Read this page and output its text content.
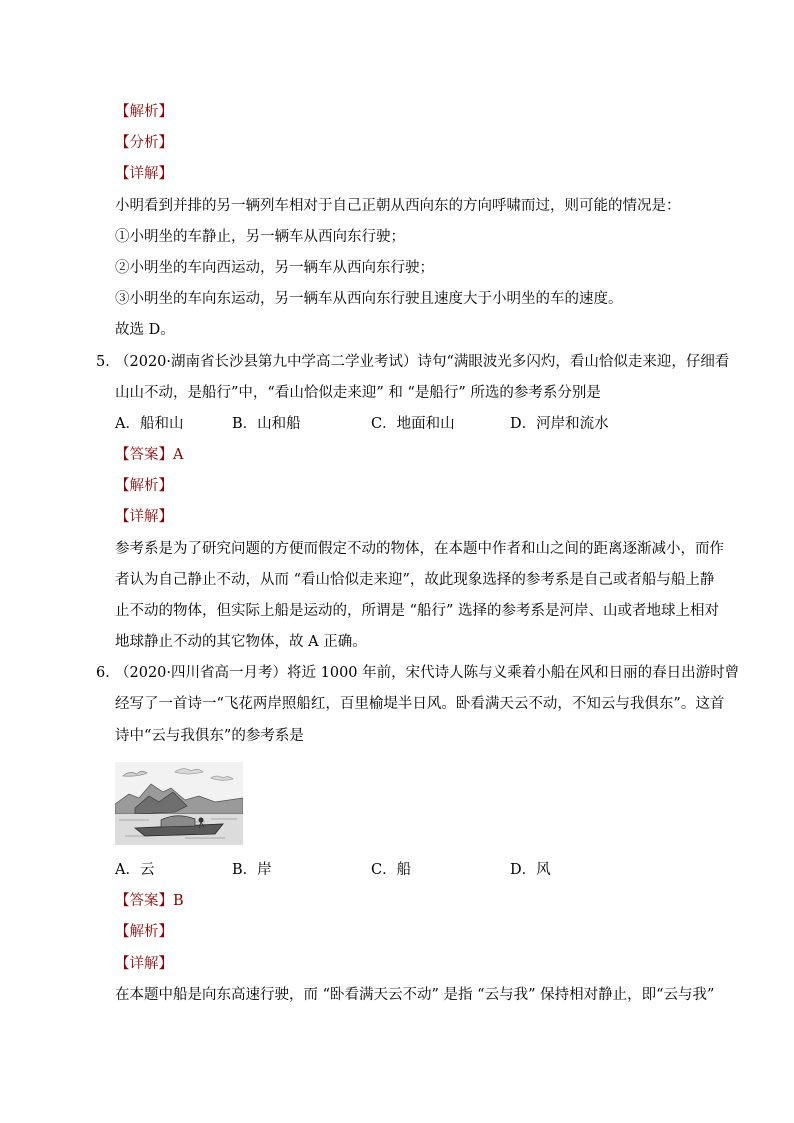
【解析】
【分析】
【详解】
小明看到并排的另一辆列车相对于自己正朝从西向东的方向呼啸而过，则可能的情况是：
①小明坐的车静止，另一辆车从西向东行驶；
②小明坐的车向西运动，另一辆车从西向东行驶；
③小明坐的车向东运动，另一辆车从西向东行驶且速度大于小明坐的车的速度。
故选 D。
5．
（2020·湖南省长沙县第九中学高二学业考试）诗句“满眼波光多闪灼，看山恰似走来迎，仔细看
山山不动，是船行”中，“看山恰似走来迎” 和 “是船行” 所选的参考系分别是
A．船和山	B．山和船	C．地面和山	D．河岸和流水
【答案】A
【解析】
【详解】
参考系是为了研究问题的方便而假定不动的物体，在本题中作者和山之间的距离逐渐减小，而作
者认为自己静止不动，从而 “看山恰似走来迎”，故此现象选择的参考系是自己或者船与船上静
止不动的物体，但实际上船是运动的，所谓是 “船行” 选择的参考系是河岸、山或者地球上相对
地球静止不动的其它物体，故 A 正确。
6．
（2020·四川省高一月考）将近 1000 年前，宋代诗人陈与义乘着小船在风和日丽的春日出游时曾
经写了一首诗一“飞花两岸照船红，百里榆堤半日风。卧看满天云不动，不知云与我俱东”。这首
诗中“云与我俱东”的参考系是
A．云	B．岸	C．船	D．风
【答案】B
【解析】
【详解】
在本题中船是向东高速行驶，而 “卧看满天云不动” 是指 “云与我” 保持相对静止，即“云与我”
